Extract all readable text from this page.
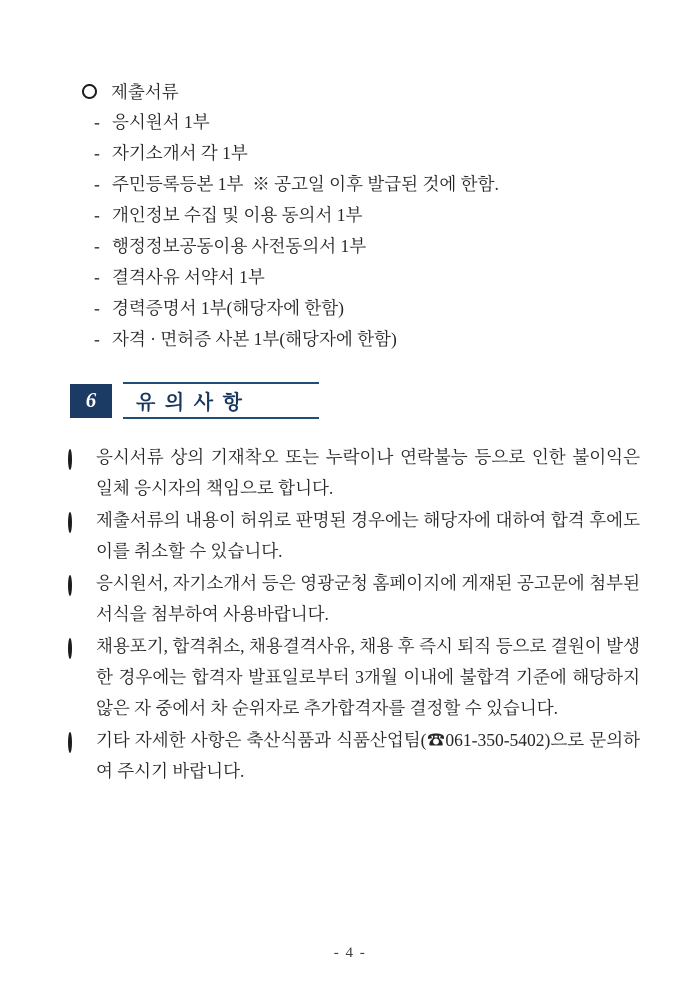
제출서류
- 응시원서 1부
- 자기소개서 각 1부
- 주민등록등본 1부  ※ 공고일 이후 발급된 것에 한함.
- 개인정보 수집 및 이용 동의서 1부
- 행정정보공동이용 사전동의서 1부
- 결격사유 서약서 1부
- 경력증명서 1부(해당자에 한함)
- 자격 · 면허증 사본 1부(해당자에 한함)
6	유 의 사 항
응시서류 상의 기재착오 또는 누락이나 연락불능 등으로 인한 불이익은 일체 응시자의 책임으로 합니다.
제출서류의 내용이 허위로 판명된 경우에는 해당자에 대하여 합격 후에도 이를 취소할 수 있습니다.
응시원서, 자기소개서 등은 영광군청 홈페이지에 게재된 공고문에 첨부된 서식을 첨부하여 사용바랍니다.
채용포기, 합격취소, 채용결격사유, 채용 후 즉시 퇴직 등으로 결원이 발생한 경우에는 합격자 발표일로부터 3개월 이내에 불합격 기준에 해당하지 않은 자 중에서 차 순위자로 추가합격자를 결정할 수 있습니다.
기타 자세한 사항은 축산식품과 식품산업팀(☎061-350-5402)으로 문의하여 주시기 바랍니다.
- 4 -
